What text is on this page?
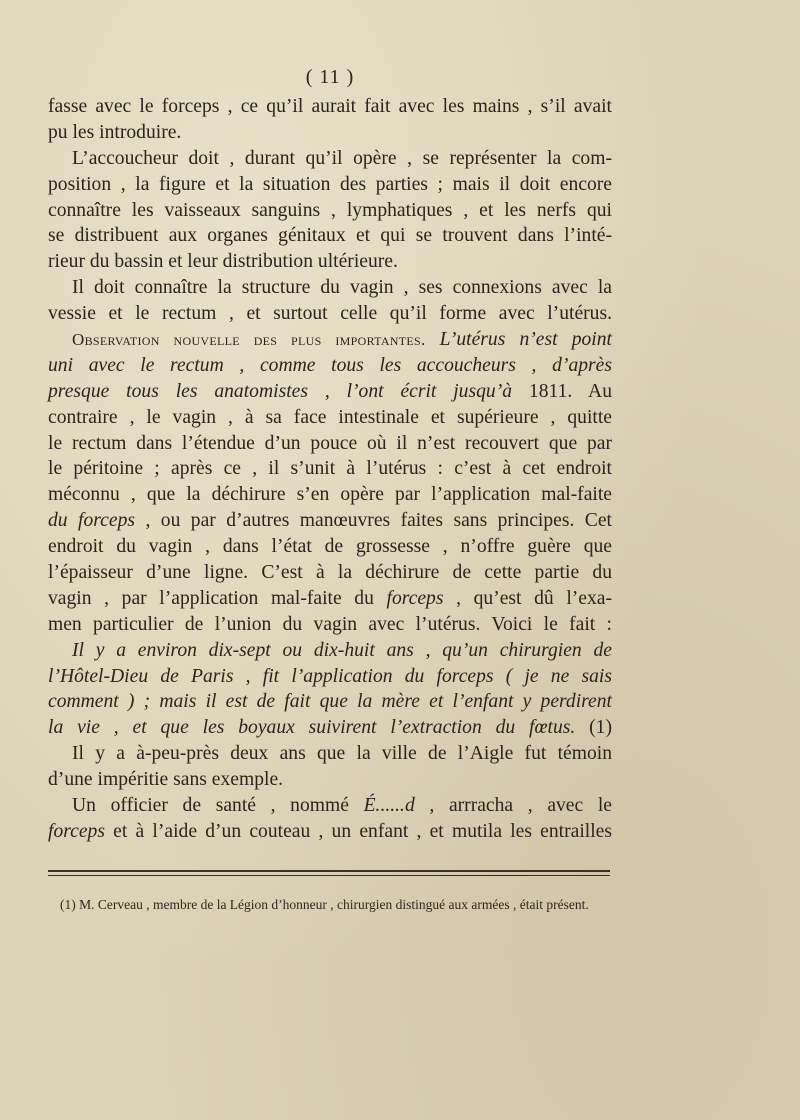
( 11 )
fasse avec le forceps , ce qu’il aurait fait avec les mains , s’il avait
pu les introduire.
L’accoucheur doit , durant qu’il opère , se représenter la com-
position , la figure et la situation des parties ; mais il doit encore
connaître les vaisseaux sanguins , lymphatiques , et les nerfs qui
se distribuent aux organes génitaux et qui se trouvent dans l’inté-
rieur du bassin et leur distribution ultérieure.
Il doit connaître la structure du vagin , ses connexions avec la
vessie et le rectum , et surtout celle qu’il forme avec l’utérus.
Observation nouvelle des plus importantes. L’utérus n’est point
uni avec le rectum , comme tous les accoucheurs , d’après
presque tous les anatomistes , l’ont écrit jusqu’à 1811. Au
contraire , le vagin , à sa face intestinale et supérieure , quitte
le rectum dans l’étendue d’un pouce où il n’est recouvert que par
le péritoine ; après ce , il s’unit à l’utérus : c’est à cet endroit
méconnu , que la déchirure s’en opère par l’application mal-faite
du forceps , ou par d’autres manœuvres faites sans principes. Cet
endroit du vagin , dans l’état de grossesse , n’offre guère que
l’épaisseur d’une ligne. C’est à la déchirure de cette partie du
vagin , par l’application mal-faite du forceps , qu’est dû l’exa-
men particulier de l’union du vagin avec l’utérus. Voici le fait :
Il y a environ dix-sept ou dix-huit ans , qu’un chirurgien de
l’Hôtel-Dieu de Paris , fit l’application du forceps ( je ne sais
comment ) ; mais il est de fait que la mère et l’enfant y perdirent
la vie , et que les boyaux suivirent l’extraction du fœtus. (1)
Il y a à-peu-près deux ans que la ville de l’Aigle fut témoin
d’une impéritie sans exemple.
Un officier de santé , nommé É......d , arrracha , avec le
forceps et à l’aide d’un couteau , un enfant , et mutila les entrailles
(1) M. Cerveau , membre de la Légion d’honneur , chirurgien distingué aux armées , était présent.
